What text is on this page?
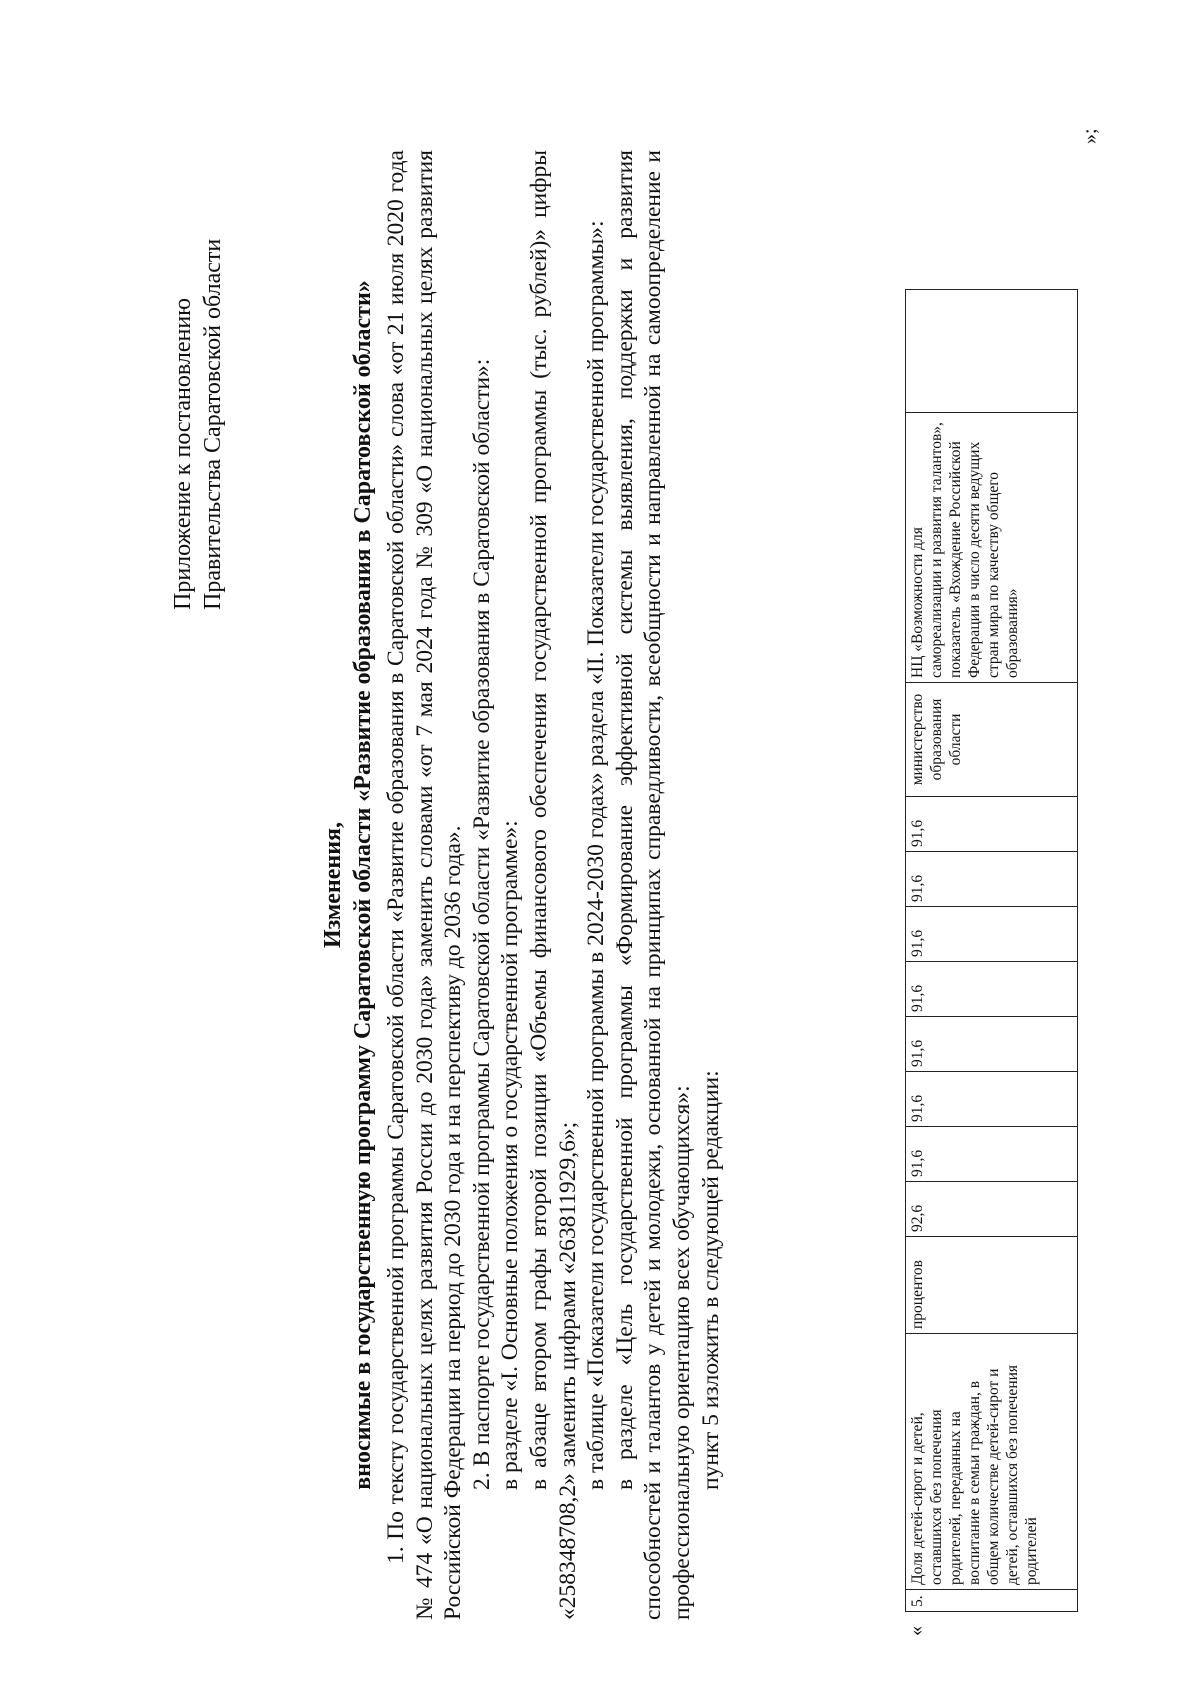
Приложение к постановлению Правительства Саратовской области
Изменения, вносимые в государственную программу Саратовской области «Развитие образования в Саратовской области» 1. По тексту государственной программы Саратовской области «Развитие образования в Саратовской области» слова «от 21 июля 2020 года № 474 «О национальных целях развития России до 2030 года» заменить словами «от 7 мая 2024 года № 309 «О национальных целях развития Российской Федерации на период до 2030 года и на перспективу до 2036 года». 2. В паспорте государственной программы Саратовской области «Развитие образования в Саратовской области»: в разделе «I. Основные положения о государственной программе»: в абзаце втором графы второй позиции «Объемы финансового обеспечения государственной программы (тыс. рублей)» цифры «258348708,2» заменить цифрами «263811929,6»; в таблице «Показатели государственной программы в 2024-2030 годах» раздела «II. Показатели государственной программы»: в разделе «Цель государственной программы «Формирование эффективной системы выявления, поддержки и развития способностей и талантов у детей и молодежи, основанной на принципах справедливости, всеобщности и направленной на самоопределение и профессиональную ориентацию всех обучающихся»: пункт 5 изложить в следующей редакции:

«
5.	Доля детей-сирот и детей, оставшихся без попечения родителей, переданных на воспитание в семьи граждан, в общем количестве детей-сирот и детей, оставшихся без попечения родителей	процентов	92,6	91,6	91,6	91,6	91,6	91,6	91,6	91,6	министерство образования области	НЦ «Возможности для самореализации и развития талантов», показатель «Вхождение Российской Федерации в число десяти ведущих стран мира по качеству общего образования»	
»;
